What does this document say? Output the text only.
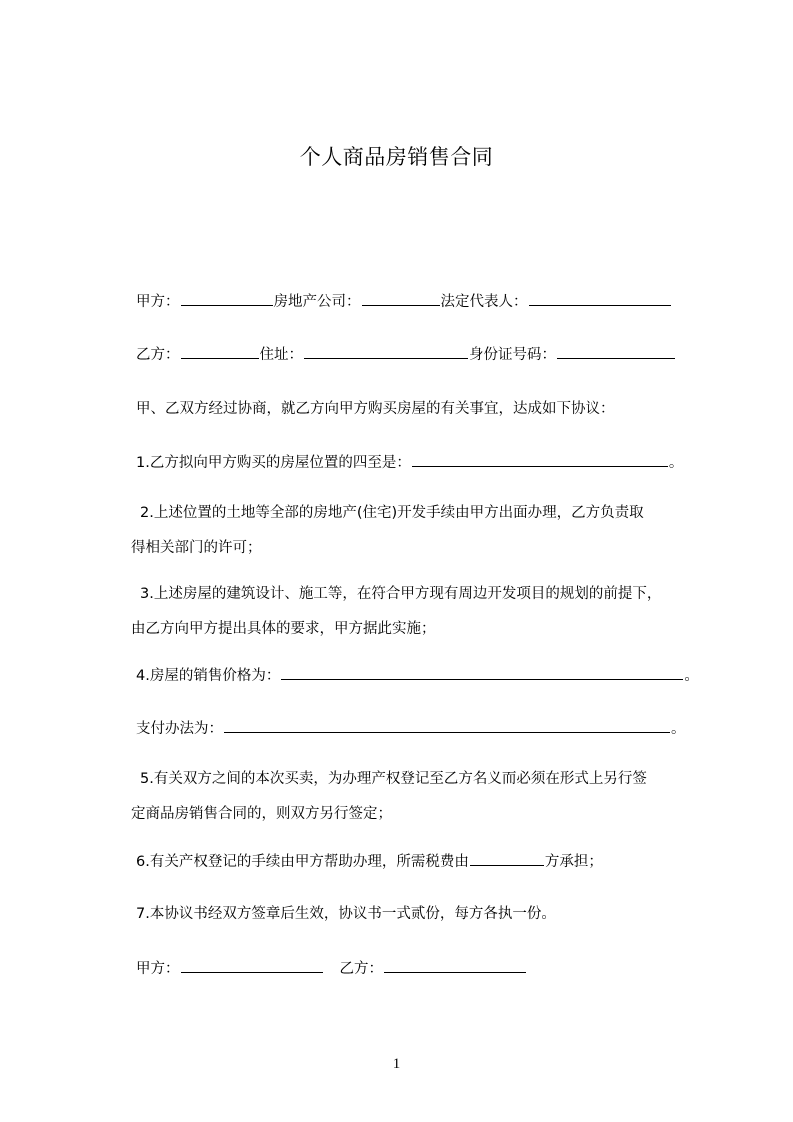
个人商品房销售合同
甲方：	房地产公司：	法定代表人：
乙方：	住址：	身份证号码：
甲、乙双方经过协商，就乙方向甲方购买房屋的有关事宜，达成如下协议：
1.乙方拟向甲方购买的房屋位置的四至是：	。
2.上述位置的土地等全部的房地产(住宅)开发手续由甲方出面办理，乙方负责取
得相关部门的许可；
3.上述房屋的建筑设计、施工等，在符合甲方现有周边开发项目的规划的前提下，
由乙方向甲方提出具体的要求，甲方据此实施；
4.房屋的销售价格为：	。
支付办法为：	。
5.有关双方之间的本次买卖，为办理产权登记至乙方名义而必须在形式上另行签
定商品房销售合同的，则双方另行签定；
6.有关产权登记的手续由甲方帮助办理，所需税费由	方承担；
7.本协议书经双方签章后生效，协议书一式贰份，每方各执一份。
甲方：	乙方：
1
